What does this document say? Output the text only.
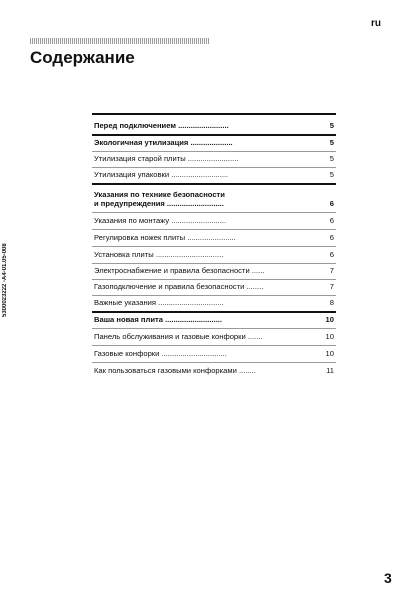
ru
Содержание
5300023222 -A4-01.05-008
Перед подключением ........................	5
Экологичная утилизация ....................	5
Утилизация старой плиты ........................	5
Утилизация упаковки ...........................	5
Указания по технике безопасности
и предупреждения ...........................	6
Указания по монтажу ..........................	6
Регулировка ножек плиты .......................	6
Установка плиты ................................	6
Электроснабжение и правила безопасности ......	7
Газоподключение и правила безопасности ........	7
Важные указания ...............................	8
Ваша новая плита ...........................	10
Панель обслуживания и газовые конфорки .......	10
Газовые конфорки ...............................	10
Как пользоваться газовыми конфорками ........	11
3
